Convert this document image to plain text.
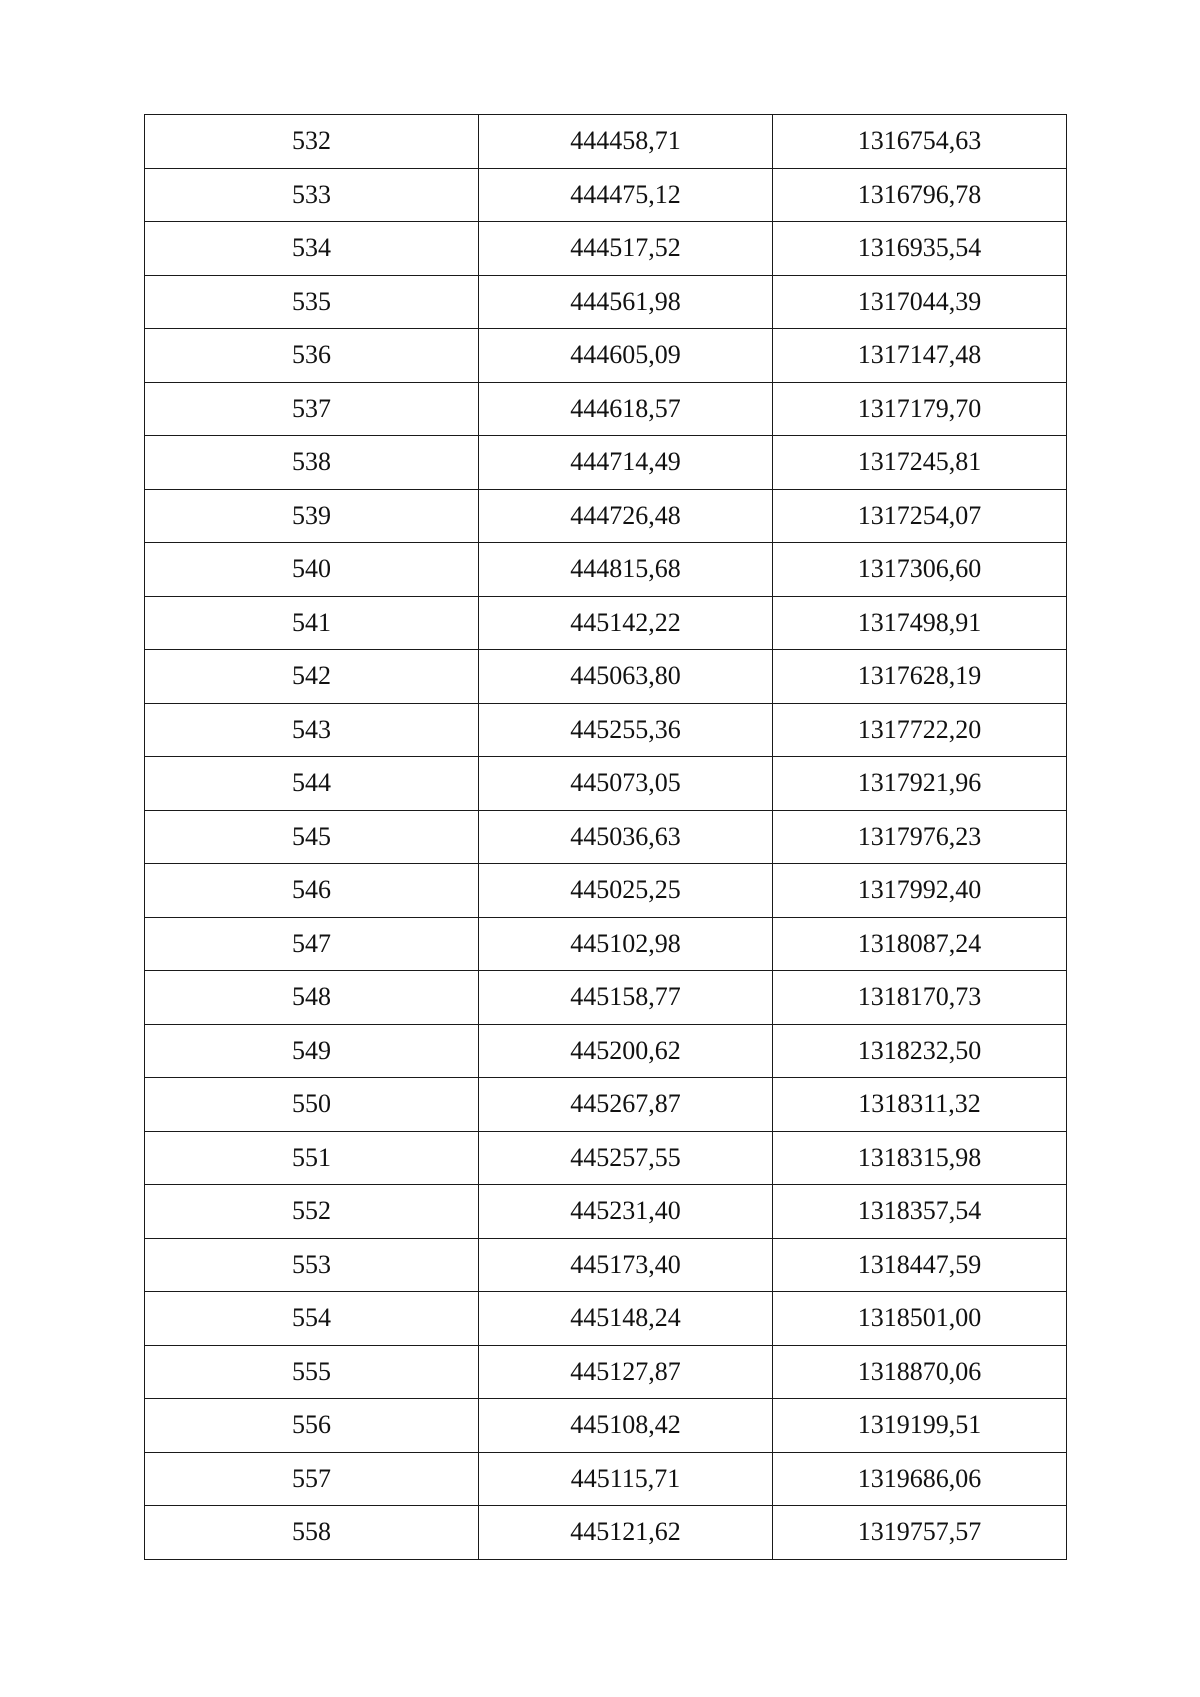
532	444458,71	1316754,63
533	444475,12	1316796,78
534	444517,52	1316935,54
535	444561,98	1317044,39
536	444605,09	1317147,48
537	444618,57	1317179,70
538	444714,49	1317245,81
539	444726,48	1317254,07
540	444815,68	1317306,60
541	445142,22	1317498,91
542	445063,80	1317628,19
543	445255,36	1317722,20
544	445073,05	1317921,96
545	445036,63	1317976,23
546	445025,25	1317992,40
547	445102,98	1318087,24
548	445158,77	1318170,73
549	445200,62	1318232,50
550	445267,87	1318311,32
551	445257,55	1318315,98
552	445231,40	1318357,54
553	445173,40	1318447,59
554	445148,24	1318501,00
555	445127,87	1318870,06
556	445108,42	1319199,51
557	445115,71	1319686,06
558	445121,62	1319757,57
